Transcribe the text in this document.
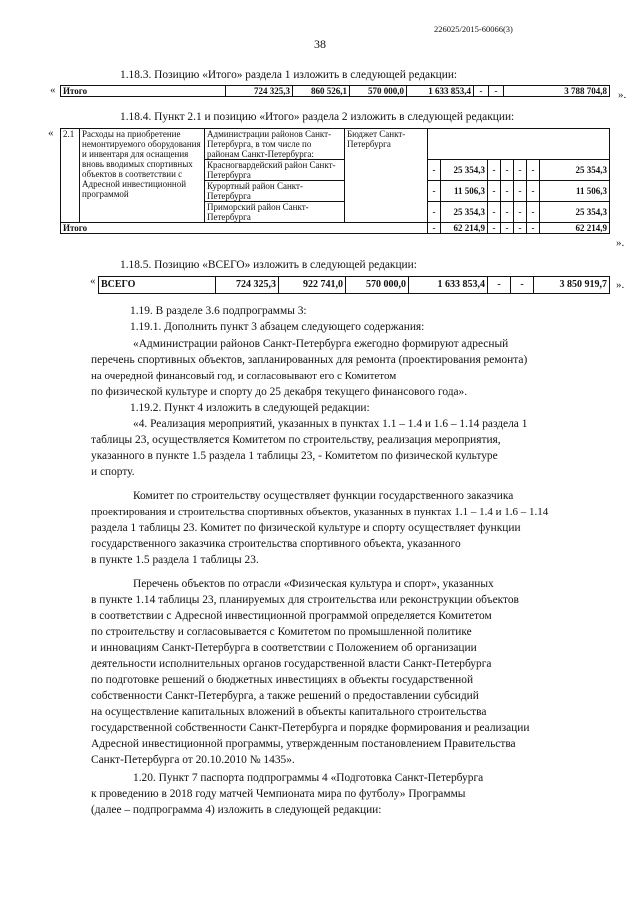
226025/2015-60066(3)
38
1.18.3. Позицию «Итого» раздела 1 изложить в следующей редакции:
« Итого	724 325,3	860 526,1	570 000,0	1 633 853,4	-	-	3 788 704,8 ».
1.18.4. Пункт 2.1 и позицию «Итого» раздела 2 изложить в следующей редакции:
« 2.1	Расходы на приобретение немонтируемого оборудования и инвентаря для оснащения вновь вводимых спортивных объектов в соответствии с Адресной инвестиционной программой	Администрации районов Санкт-Петербурга, в том числе по районам Санкт-Петербурга:	Бюджет Санкт-Петербурга							
		Красногвардейский район Санкт-Петербурга		-	25 354,3	-	-	-	-	25 354,3
		Курортный район Санкт-Петербурга		-	11 506,3	-	-	-	-	11 506,3
		Приморский район Санкт-Петербурга		-	25 354,3	-	-	-	-	25 354,3
Итого				-	62 214,9	-	-	-	-	62 214,9
».
1.18.5. Позицию «ВСЕГО» изложить в следующей редакции:
« ВСЕГО	724 325,3	922 741,0	570 000,0	1 633 853,4	-	-	3 850 919,7 ».
1.19. В разделе 3.6 подпрограммы 3:
1.19.1. Дополнить пункт 3 абзацем следующего содержания:
«Администрации районов Санкт-Петербурга ежегодно формируют адресный
перечень спортивных объектов, запланированных для ремонта (проектирования ремонта)
на очередной финансовый год, и согласовывают его с Комитетом
по физической культуре и спорту до 25 декабря текущего финансового года».
1.19.2. Пункт 4 изложить в следующей редакции:
«4. Реализация мероприятий, указанных в пунктах 1.1 – 1.4 и 1.6 – 1.14 раздела 1
таблицы 23, осуществляется Комитетом по строительству, реализация мероприятия,
указанного в пункте 1.5 раздела 1 таблицы 23, - Комитетом по физической культуре
и спорту.
Комитет по строительству осуществляет функции государственного заказчика
проектирования и строительства спортивных объектов, указанных в пунктах 1.1 – 1.4 и 1.6 – 1.14
раздела 1 таблицы 23. Комитет по физической культуре и спорту осуществляет функции
государственного заказчика строительства спортивного объекта, указанного
в пункте 1.5 раздела 1 таблицы 23.
Перечень объектов по отрасли «Физическая культура и спорт», указанных
в пункте 1.14 таблицы 23, планируемых для строительства или реконструкции объектов
в соответствии с Адресной инвестиционной программой определяется Комитетом
по строительству и согласовывается с Комитетом по промышленной политике
и инновациям Санкт-Петербурга в соответствии с Положением об организации
деятельности исполнительных органов государственной власти Санкт-Петербурга
по подготовке решений о бюджетных инвестициях в объекты государственной
собственности Санкт-Петербурга, а также решений о предоставлении субсидий
на осуществление капитальных вложений в объекты капитального строительства
государственной собственности Санкт-Петербурга и порядке формирования и реализации
Адресной инвестиционной программы, утвержденным постановлением Правительства
Санкт-Петербурга от 20.10.2010 № 1435».
1.20. Пункт 7 паспорта подпрограммы 4 «Подготовка Санкт-Петербурга
к проведению в 2018 году матчей Чемпионата мира по футболу» Программы
(далее – подпрограмма 4) изложить в следующей редакции:
